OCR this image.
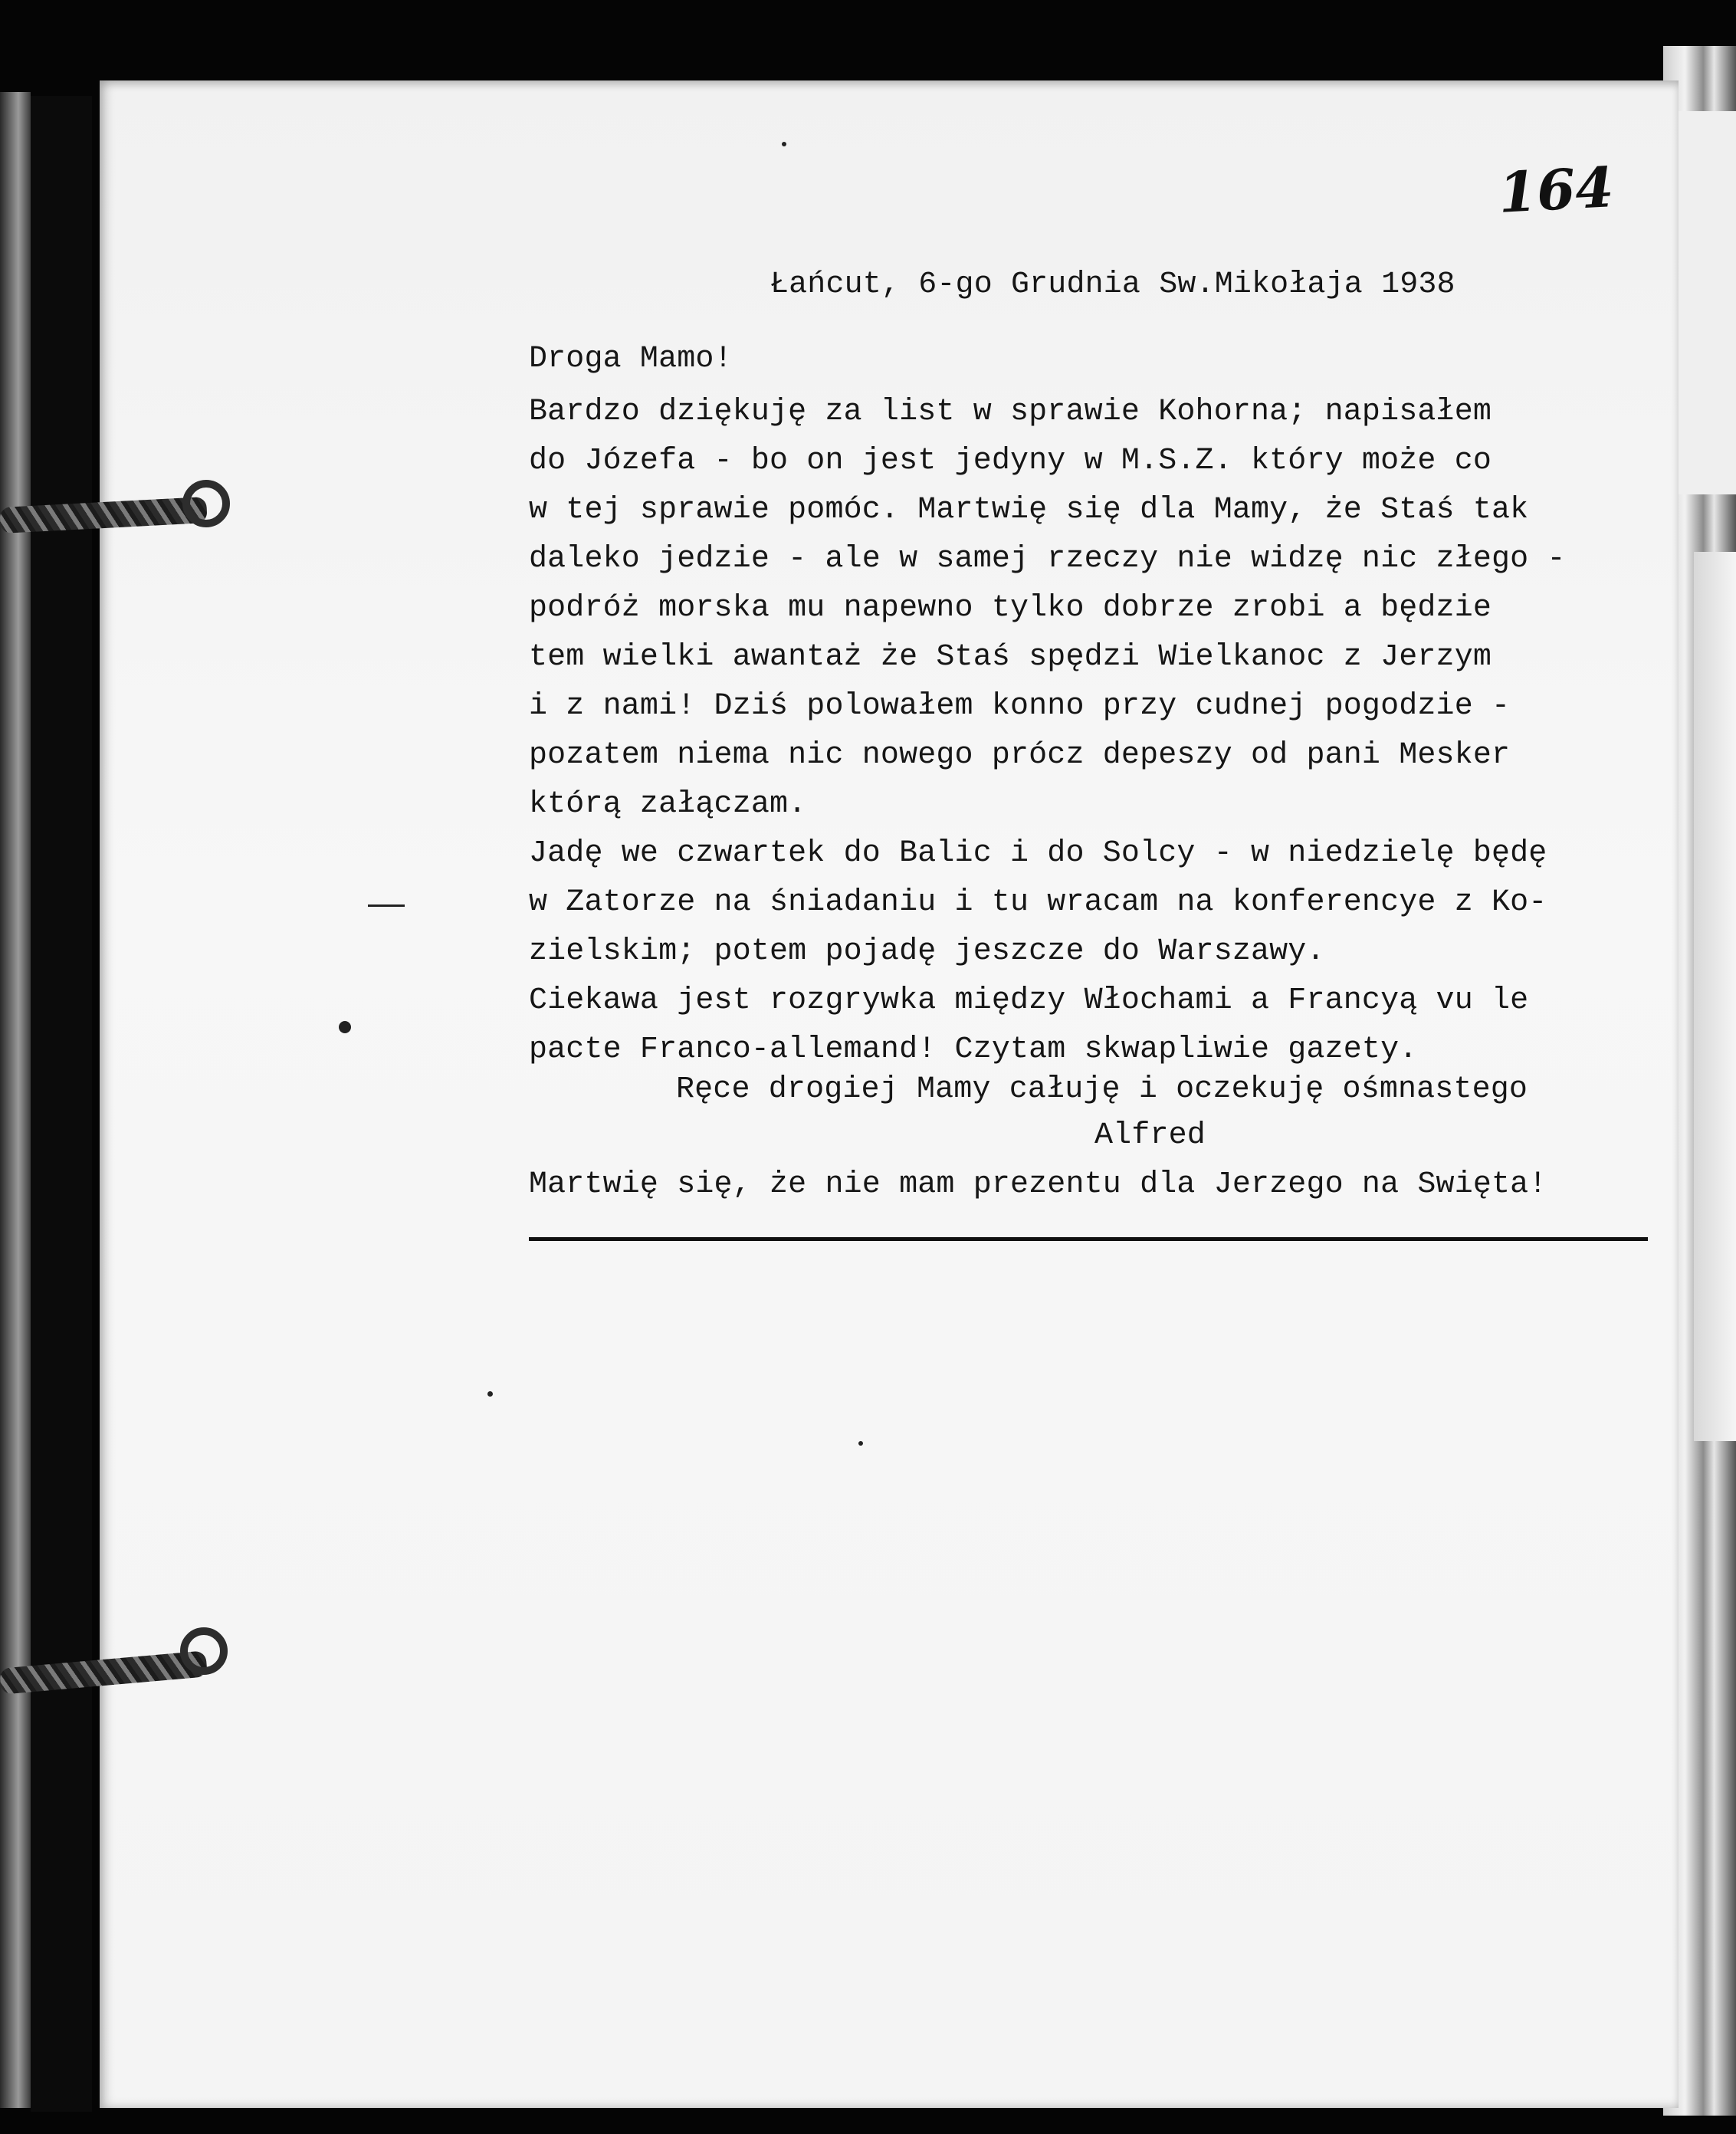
164
Łańcut, 6-go Grudnia Sw.Mikołaja 1938
Droga Mamo!
Bardzo dziękuję za list w sprawie Kohorna; napisałem
do Józefa - bo on jest jedyny w M.S.Z. który może co
w tej sprawie pomóc. Martwię się dla Mamy, że Staś tak
daleko jedzie - ale w samej rzeczy nie widzę nic złego -
podróż morska mu napewno tylko dobrze zrobi a będzie
tem wielki awantaż że Staś spędzi Wielkanoc z Jerzym
i z nami! Dziś polowałem konno przy cudnej pogodzie -
pozatem niema nic nowego prócz depeszy od pani Mesker
którą załączam.
Jadę we czwartek do Balic i do Solcy - w niedzielę będę
w Zatorze na śniadaniu i tu wracam na konferencye z Ko-
zielskim; potem pojadę jeszcze do Warszawy.
Ciekawa jest rozgrywka między Włochami a Francyą vu le
pacte Franco-allemand! Czytam skwapliwie gazety.
Ręce drogiej Mamy całuję i oczekuję ośmnastego
Alfred
Martwię się, że nie mam prezentu dla Jerzego na Swięta!
